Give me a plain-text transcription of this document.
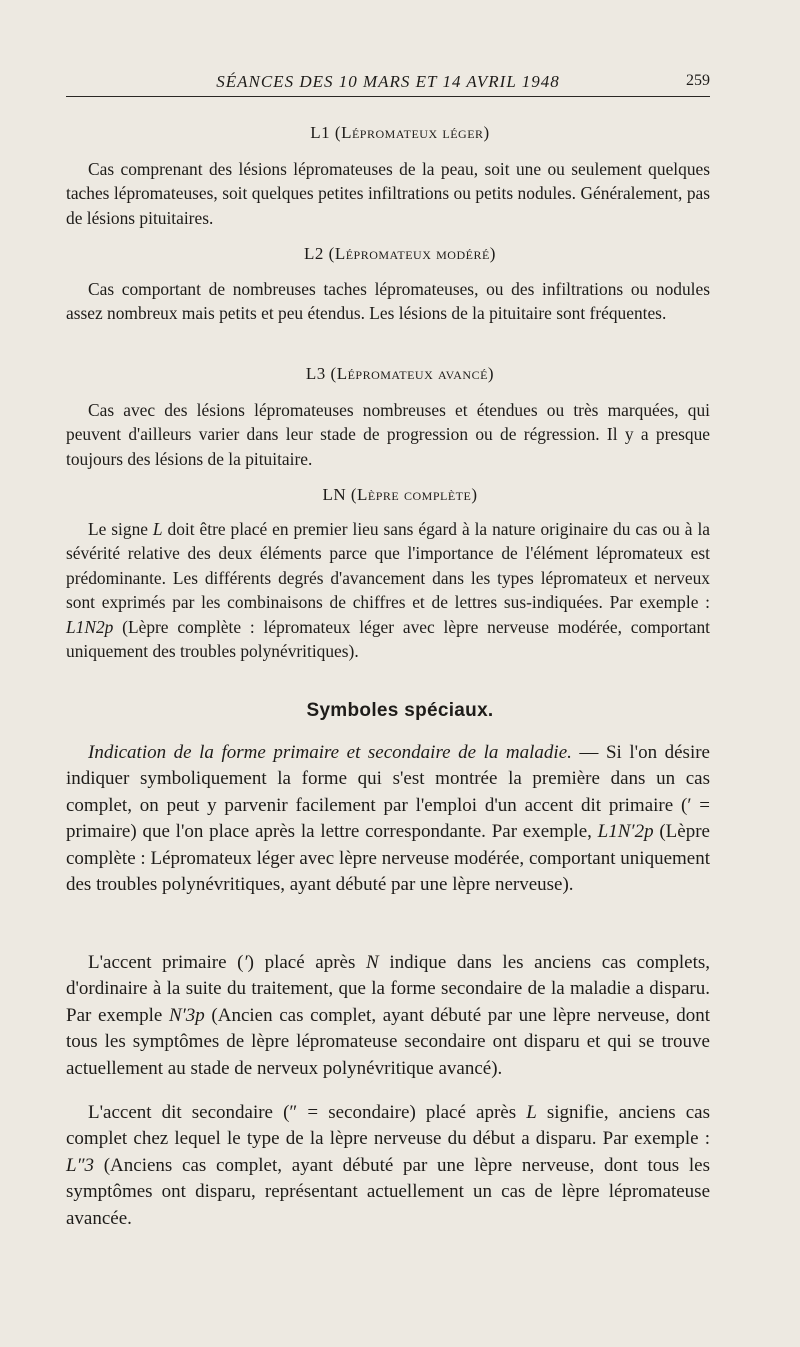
SÉANCES DES 10 MARS ET 14 AVRIL 1948	259
L1 (Lépromateux léger)

Cas comprenant des lésions lépromateuses de la peau, soit une ou seulement quelques taches lépromateuses, soit quelques petites infiltrations ou petits nodules. Généralement, pas de lésions pituitaires.

L2 (Lépromateux modéré)

Cas comportant de nombreuses taches lépromateuses, ou des infiltrations ou nodules assez nombreux mais petits et peu étendus. Les lésions de la pituitaire sont fréquentes.

L3 (Lépromateux avancé)

Cas avec des lésions lépromateuses nombreuses et étendues ou très marquées, qui peuvent d'ailleurs varier dans leur stade de progression ou de régression. Il y a presque toujours des lésions de la pituitaire.

LN (Lèpre complète)

Le signe L doit être placé en premier lieu sans égard à la nature originaire du cas ou à la sévérité relative des deux éléments parce que l'importance de l'élément lépromateux est prédominante. Les différents degrés d'avancement dans les types lépromateux et nerveux sont exprimés par les combinaisons de chiffres et de lettres sus-indiquées. Par exemple : L1N2p (Lèpre complète : lépromateux léger avec lèpre nerveuse modérée, comportant uniquement des troubles polynévritiques).

Symboles spéciaux.

Indication de la forme primaire et secondaire de la maladie. — Si l'on désire indiquer symboliquement la forme qui s'est montrée la première dans un cas complet, on peut y parvenir facilement par l'emploi d'un accent dit primaire (′ = primaire) que l'on place après la lettre correspondante. Par exemple, L1N′2p (Lèpre complète : Lépromateux léger avec lèpre nerveuse modérée, comportant uniquement des troubles polynévritiques, ayant débuté par une lèpre nerveuse).

L'accent primaire (′) placé après N indique dans les anciens cas complets, d'ordinaire à la suite du traitement, que la forme secondaire de la maladie a disparu. Par exemple N′3p (Ancien cas complet, ayant débuté par une lèpre nerveuse, dont tous les symptômes de lèpre lépromateuse secondaire ont disparu et qui se trouve actuellement au stade de nerveux polynévritique avancé).

L'accent dit secondaire (″ = secondaire) placé après L signifie, anciens cas complet chez lequel le type de la lèpre nerveuse du début a disparu. Par exemple : L″3 (Anciens cas complet, ayant débuté par une lèpre nerveuse, dont tous les symptômes ont disparu, représentant actuellement un cas de lèpre lépromateuse avancée.
